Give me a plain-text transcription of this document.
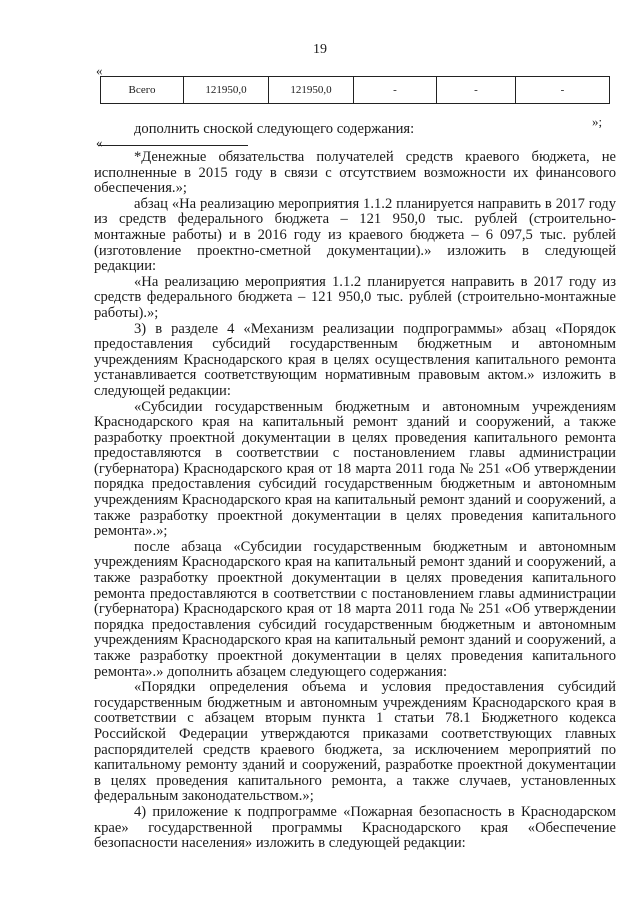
19
«
Всего	121950,0	121950,0	-	-	-
»;

дополнить сноской следующего содержания:

«

*Денежные обязательства получателей средств краевого бюджета, не исполненные в 2015 году в связи с отсутствием возможности их финансового обеспечения.»;

абзац «На реализацию мероприятия 1.1.2 планируется направить в 2017 году из средств федерального бюджета – 121 950,0 тыс. рублей (строительно-монтажные работы) и в 2016 году из краевого бюджета – 6 097,5 тыс. рублей (изготовление проектно-сметной документации).» изложить в следующей редакции:

«На реализацию мероприятия 1.1.2 планируется направить в 2017 году из средств федерального бюджета – 121 950,0 тыс. рублей (строительно-монтажные работы).»;

3) в разделе 4 «Механизм реализации подпрограммы» абзац «Порядок предоставления субсидий государственным бюджетным и автономным учреждениям Краснодарского края в целях осуществления капитального ремонта устанавливается соответствующим нормативным правовым актом.» изложить в следующей редакции:

«Субсидии государственным бюджетным и автономным учреждениям Краснодарского края на капитальный ремонт зданий и сооружений, а также разработку проектной документации в целях проведения капитального ремонта предоставляются в соответствии с постановлением главы администрации (губернатора) Краснодарского края от 18 марта 2011 года № 251 «Об утверждении порядка предоставления субсидий государственным бюджетным и автономным учреждениям Краснодарского края на капитальный ремонт зданий и сооружений, а также разработку проектной документации в целях проведения капитального ремонта».»;

после абзаца «Субсидии государственным бюджетным и автономным учреждениям Краснодарского края на капитальный ремонт зданий и сооружений, а также разработку проектной документации в целях проведения капитального ремонта предоставляются в соответствии с постановлением главы администрации (губернатора) Краснодарского края от 18 марта 2011 года № 251 «Об утверждении порядка предоставления субсидий государственным бюджетным и автономным учреждениям Краснодарского края на капитальный ремонт зданий и сооружений, а также разработку проектной документации в целях проведения капитального ремонта».» дополнить абзацем следующего содержания:

«Порядки определения объема и условия предоставления субсидий государственным бюджетным и автономным учреждениям Краснодарского края в соответствии с абзацем вторым пункта 1 статьи 78.1 Бюджетного кодекса Российской Федерации утверждаются приказами соответствующих главных распорядителей средств краевого бюджета, за исключением мероприятий по капитальному ремонту зданий и сооружений, разработке проектной документации в целях проведения капитального ремонта, а также случаев, установленных федеральным законодательством.»;

4) приложение к подпрограмме «Пожарная безопасность в Краснодарском крае» государственной программы Краснодарского края «Обеспечение безопасности населения» изложить в следующей редакции:
